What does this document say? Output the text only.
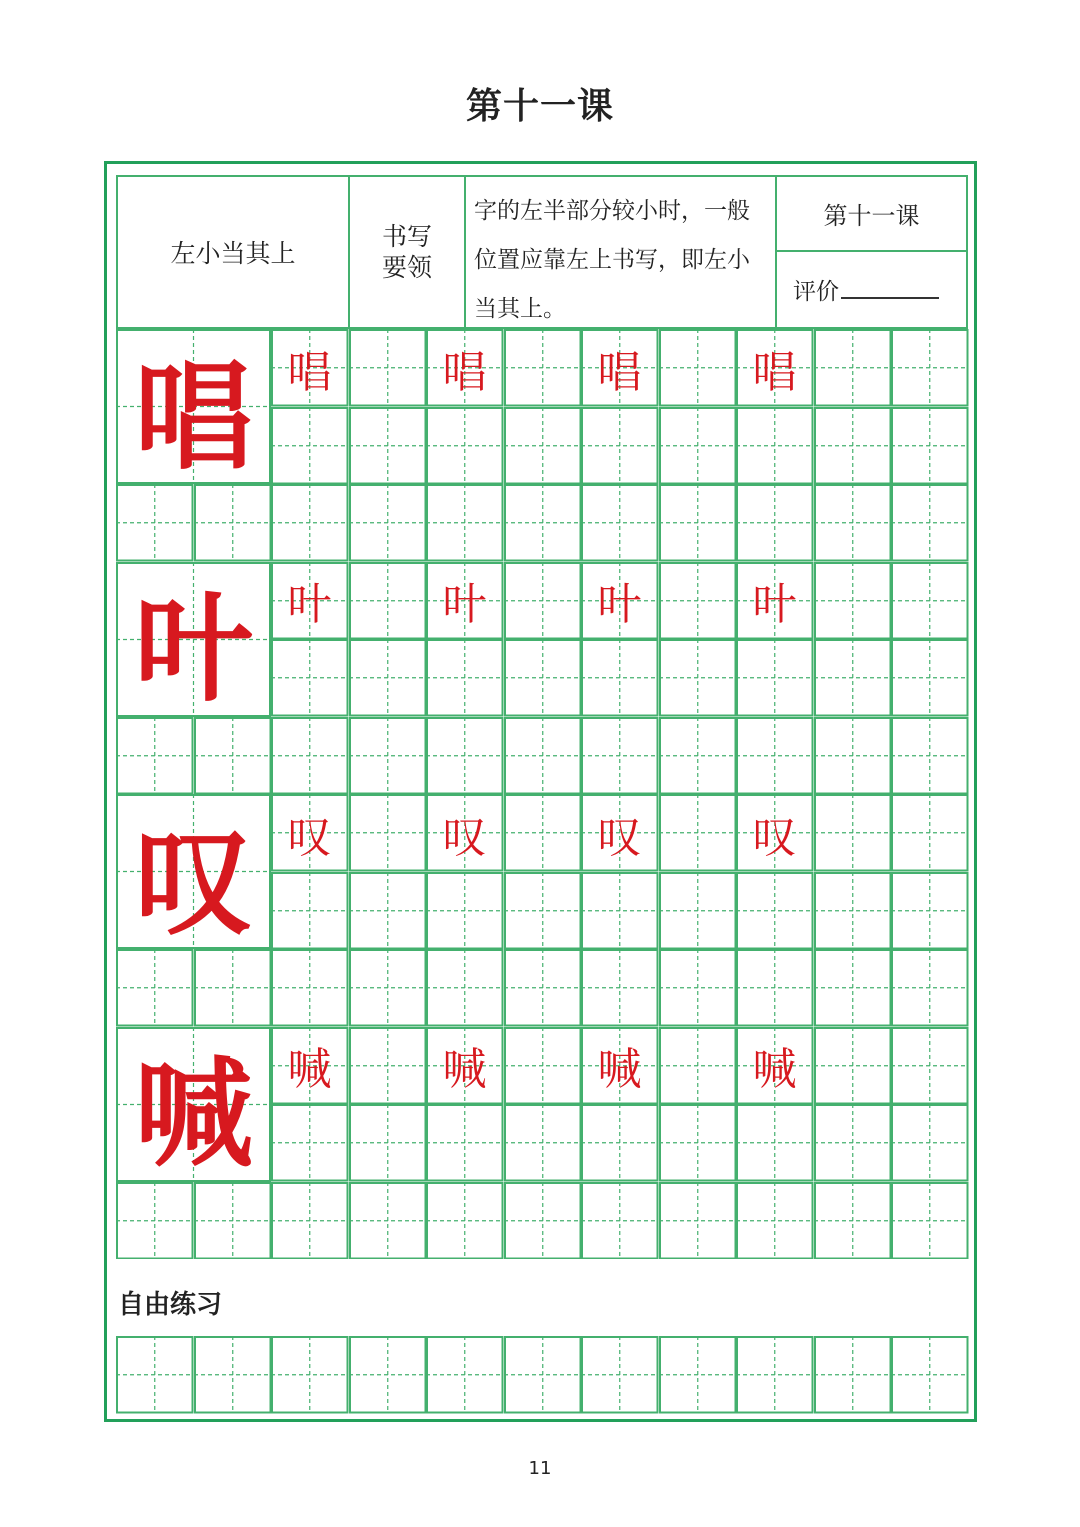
第十一课
左小当其上
书写
要领
字的左半部分较小时，一般位置应靠左上书写，即左小当其上。
第十一课
评价
唱 唱	唱	唱	唱
叶 叶	叶	叶	叶
叹 叹	叹	叹	叹
喊 喊	喊	喊	喊
自由练习
11
